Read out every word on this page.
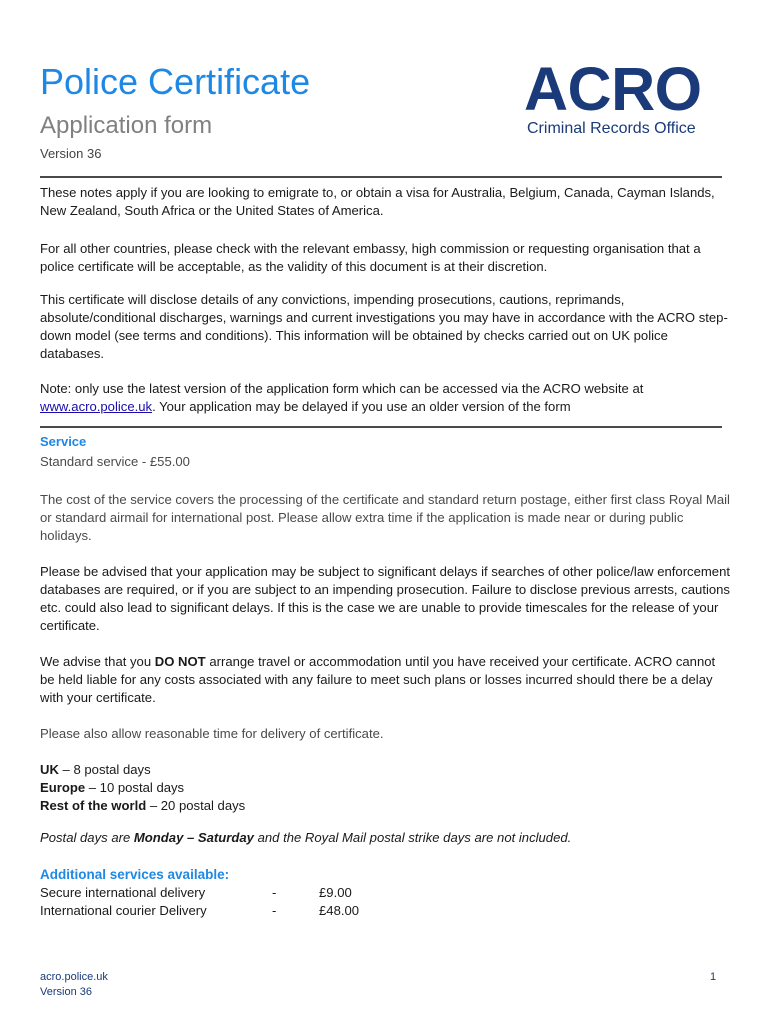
Police Certificate
Application form
Version 36
ACRO
Criminal Records Office

These notes apply if you are looking to emigrate to, or obtain a visa for Australia, Belgium, Canada, Cayman Islands, New Zealand, South Africa or the United States of America.

For all other countries, please check with the relevant embassy, high commission or requesting organisation that a police certificate will be acceptable, as the validity of this document is at their discretion.

This certificate will disclose details of any convictions, impending prosecutions, cautions, reprimands, absolute/conditional discharges, warnings and current investigations you may have in accordance with the ACRO step-down model (see terms and conditions). This information will be obtained by checks carried out on UK police databases.

Note: only use the latest version of the application form which can be accessed via the ACRO website at www.acro.police.uk. Your application may be delayed if you use an older version of the form

Service
Standard service - £55.00

The cost of the service covers the processing of the certificate and standard return postage, either first class Royal Mail or standard airmail for international post. Please allow extra time if the application is made near or during public holidays.

Please be advised that your application may be subject to significant delays if searches of other police/law enforcement databases are required, or if you are subject to an impending prosecution. Failure to disclose previous arrests, cautions etc. could also lead to significant delays. If this is the case we are unable to provide timescales for the release of your certificate.

We advise that you DO NOT arrange travel or accommodation until you have received your certificate. ACRO cannot be held liable for any costs associated with any failure to meet such plans or losses incurred should there be a delay with your certificate.

Please also allow reasonable time for delivery of certificate.
UK – 8 postal days
Europe – 10 postal days
Rest of the world – 20 postal days
Postal days are Monday – Saturday and the Royal Mail postal strike days are not included.
Additional services available:
Secure international delivery	-	£9.00
International courier Delivery	-	£48.00
acro.police.uk
Version 36
1
